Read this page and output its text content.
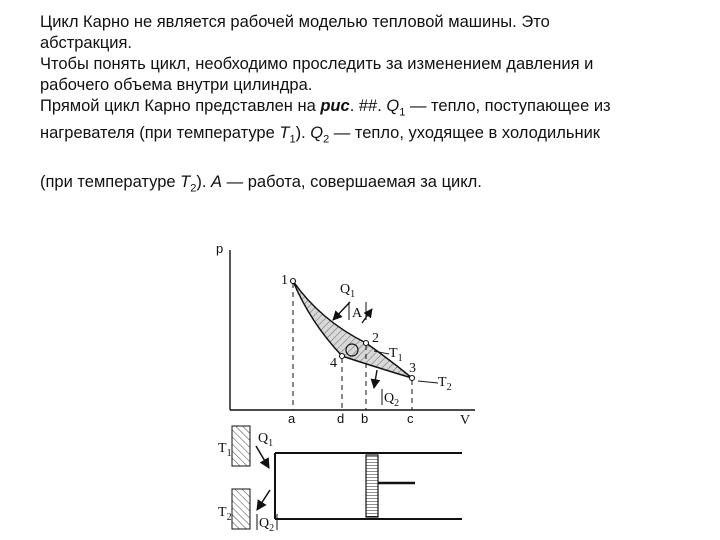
Цикл Карно не является рабочей моделью тепловой машины. Это

абстракция.

Чтобы понять цикл, необходимо проследить за изменением давления и

рабочего объема внутри цилиндра.

Прямой цикл Карно представлен на рис. ##. $Q_1$ — тепло, поступающее из

нагревателя (при температуре $T_1$). $Q_2$ — тепло, уходящее в холодильник

(при температуре $T_2$). A — работа, совершаемая за цикл.

p
V
1
2
3
4
$Q_1$
A
$T_1$
$T_2$
$Q_2$
a	d b	c
$T_1$
$T_2$
$Q_1$
$Q_2$
